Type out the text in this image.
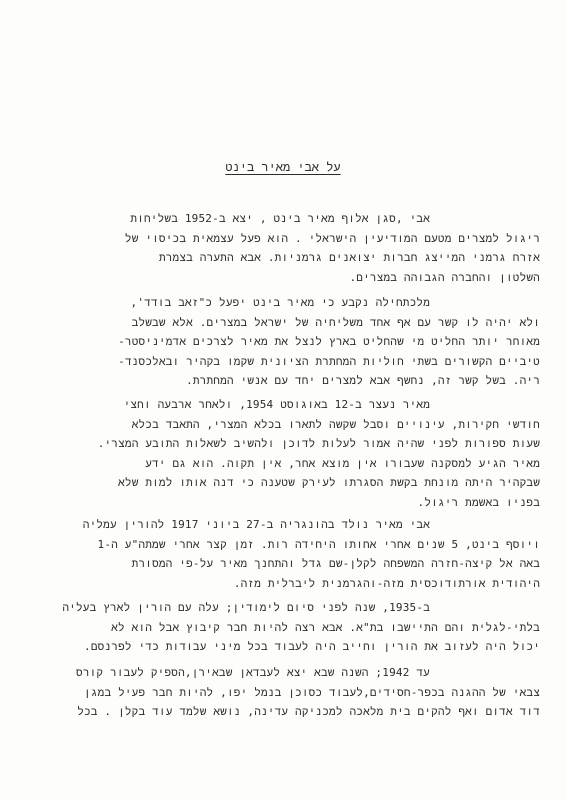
על אבי מאיר בינט
אבי ,סגן אלוף מאיר בינט , יצא ב-1952 בשליחות
ריגול למצרים מטעם המודיעין הישראלי . הוא פעל עצמאית בכיסוי של
אזרח גרמני המייצג חברות יצואנים גרמניות. אבא התערה בצמרת
השלטון והחברה הגבוהה במצרים.
מלכתחילה נקבע כי מאיר בינט יפעל כ"זאב בודד',
ולא יהיה לו קשר עם אף אחד משליחיה של ישראל במצרים. אלא שבשלב
מאוחר יותר החליט מי שהחליט בארץ לנצל את מאיר לצרכים אדמיניסטר-
טיביים הקשורים בשתי חוליות המחתרת הציונית שקמו בקהיר ובאלכסנד-
ריה. בשל קשר זה, נחשף אבא למצרים יחד עם אנשי המחתרת.
מאיר נעצר ב-12 באוגוסט 1954, ולאחר ארבעה וחצי
חודשי חקירות, עינויים וסבל שקשה לתארו בכלא המצרי, התאבד בכלא
שעות ספורות לפני שהיה אמור לעלות לדוכן ולהשיב לשאלות התובע המצרי.
מאיר הגיע למסקנה שעבורו אין מוצא אחר, אין תקוה. הוא גם ידע
שבקהיר היתה מונחת בקשת הסגרתו לעירק שטענה כי דנה אותו למות שלא
בפניו באשמת ריגול.
אבי מאיר נולד בהונגריה ב-27 ביוני 1917 להורין עמליה
ויוסף בינט, 5 שנים אחרי אחותו היחידה רות. זמן קצר אחרי שמתה"ע ה-1
באה אל קיצה-חזרה המשפחה לקלן-שם גדל והתחנך מאיר על-פי המסורת
היהודית אורתודוכסית מזה-והגרמנית ליברלית מזה.
ב-1935, שנה לפני סיום לימודין; עלה עם הורין לארץ בעליה
בלתי-לגלית והם התיישבו בת"א. אבא רצה להיות חבר קיבוץ אבל הוא לא
יכול היה לעזוב את הורין וחייב היה לעבוד בכל מיני עבודות כדי לפרנסם.
עד 1942; השנה שבא יצא לעבדאן שבאירן,הספיק לעבור קורס
צבאי של ההגנה בכפר-חסידים,לעבוד כסוכן בנמל יפו, להיות חבר פעיל במגן
דוד אדום ואף להקים בית מלאכה למכניקה עדינה, נושא שלמד עוד בקלן . בכל
